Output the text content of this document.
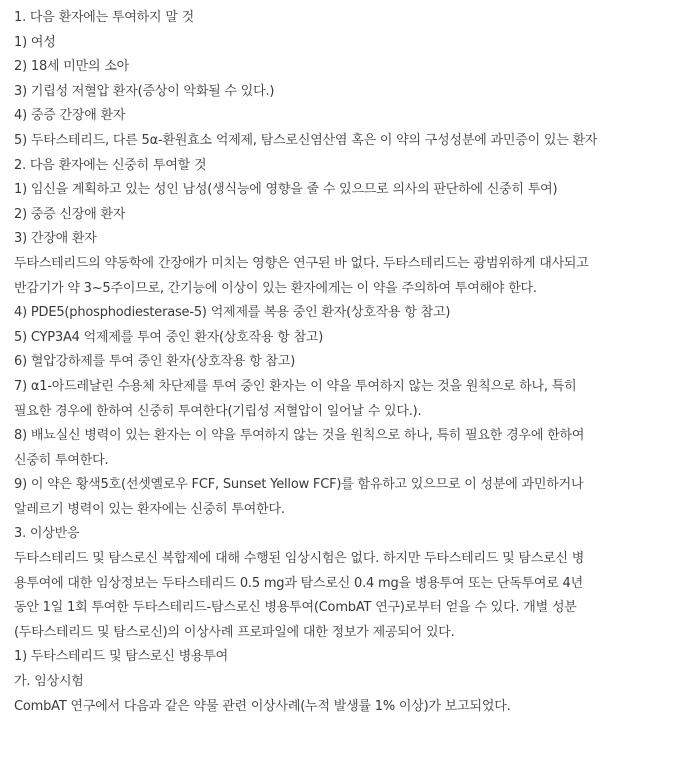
1. 다음 환자에는 투여하지 말 것
1) 여성
2) 18세 미만의 소아
3) 기립성 저혈압 환자(증상이 악화될 수 있다.)
4) 중증 간장애 환자
5) 두타스테리드, 다른 5α-환원효소 억제제, 탐스로신염산염 혹은 이 약의 구성성분에 과민증이 있는 환자
2. 다음 환자에는 신중히 투여할 것
1) 임신을 계획하고 있는 성인 남성(생식능에 영향을 줄 수 있으므로 의사의 판단하에 신중히 투여)
2) 중증 신장애 환자
3) 간장애 환자
두타스테리드의 약동학에 간장애가 미치는 영향은 연구된 바 없다. 두타스테리드는 광범위하게 대사되고
반감기가 약 3~5주이므로, 간기능에 이상이 있는 환자에게는 이 약을 주의하여 투여해야 한다.
4) PDE5(phosphodiesterase-5) 억제제를 복용 중인 환자(상호작용 항 참고)
5) CYP3A4 억제제를 투여 중인 환자(상호작용 항 참고)
6) 혈압강하제를 투여 중인 환자(상호작용 항 참고)
7) α1-아드레날린 수용체 차단제를 투여 중인 환자는 이 약을 투여하지 않는 것을 원칙으로 하나, 특히
필요한 경우에 한하여 신중히 투여한다(기립성 저혈압이 일어날 수 있다.).
8) 배뇨실신 병력이 있는 환자는 이 약을 투여하지 않는 것을 원칙으로 하나, 특히 필요한 경우에 한하여
신중히 투여한다.
9) 이 약은 황색5호(선셋옐로우 FCF, Sunset Yellow FCF)를 함유하고 있으므로 이 성분에 과민하거나
알레르기 병력이 있는 환자에는 신중히 투여한다.
3. 이상반응
두타스테리드 및 탐스로신 복합제에 대해 수행된 임상시험은 없다. 하지만 두타스테리드 및 탐스로신 병
용투여에 대한 임상정보는 두타스테리드 0.5 mg과 탐스로신 0.4 mg을 병용투여 또는 단독투여로 4년
동안 1일 1회 투여한 두타스테리드-탐스로신 병용투여(CombAT 연구)로부터 얻을 수 있다. 개별 성분
(두타스테리드 및 탐스로신)의 이상사례 프로파일에 대한 정보가 제공되어 있다.
1) 두타스테리드 및 탐스로신 병용투여
가. 임상시험
CombAT 연구에서 다음과 같은 약물 관련 이상사례(누적 발생률 1% 이상)가 보고되었다.
